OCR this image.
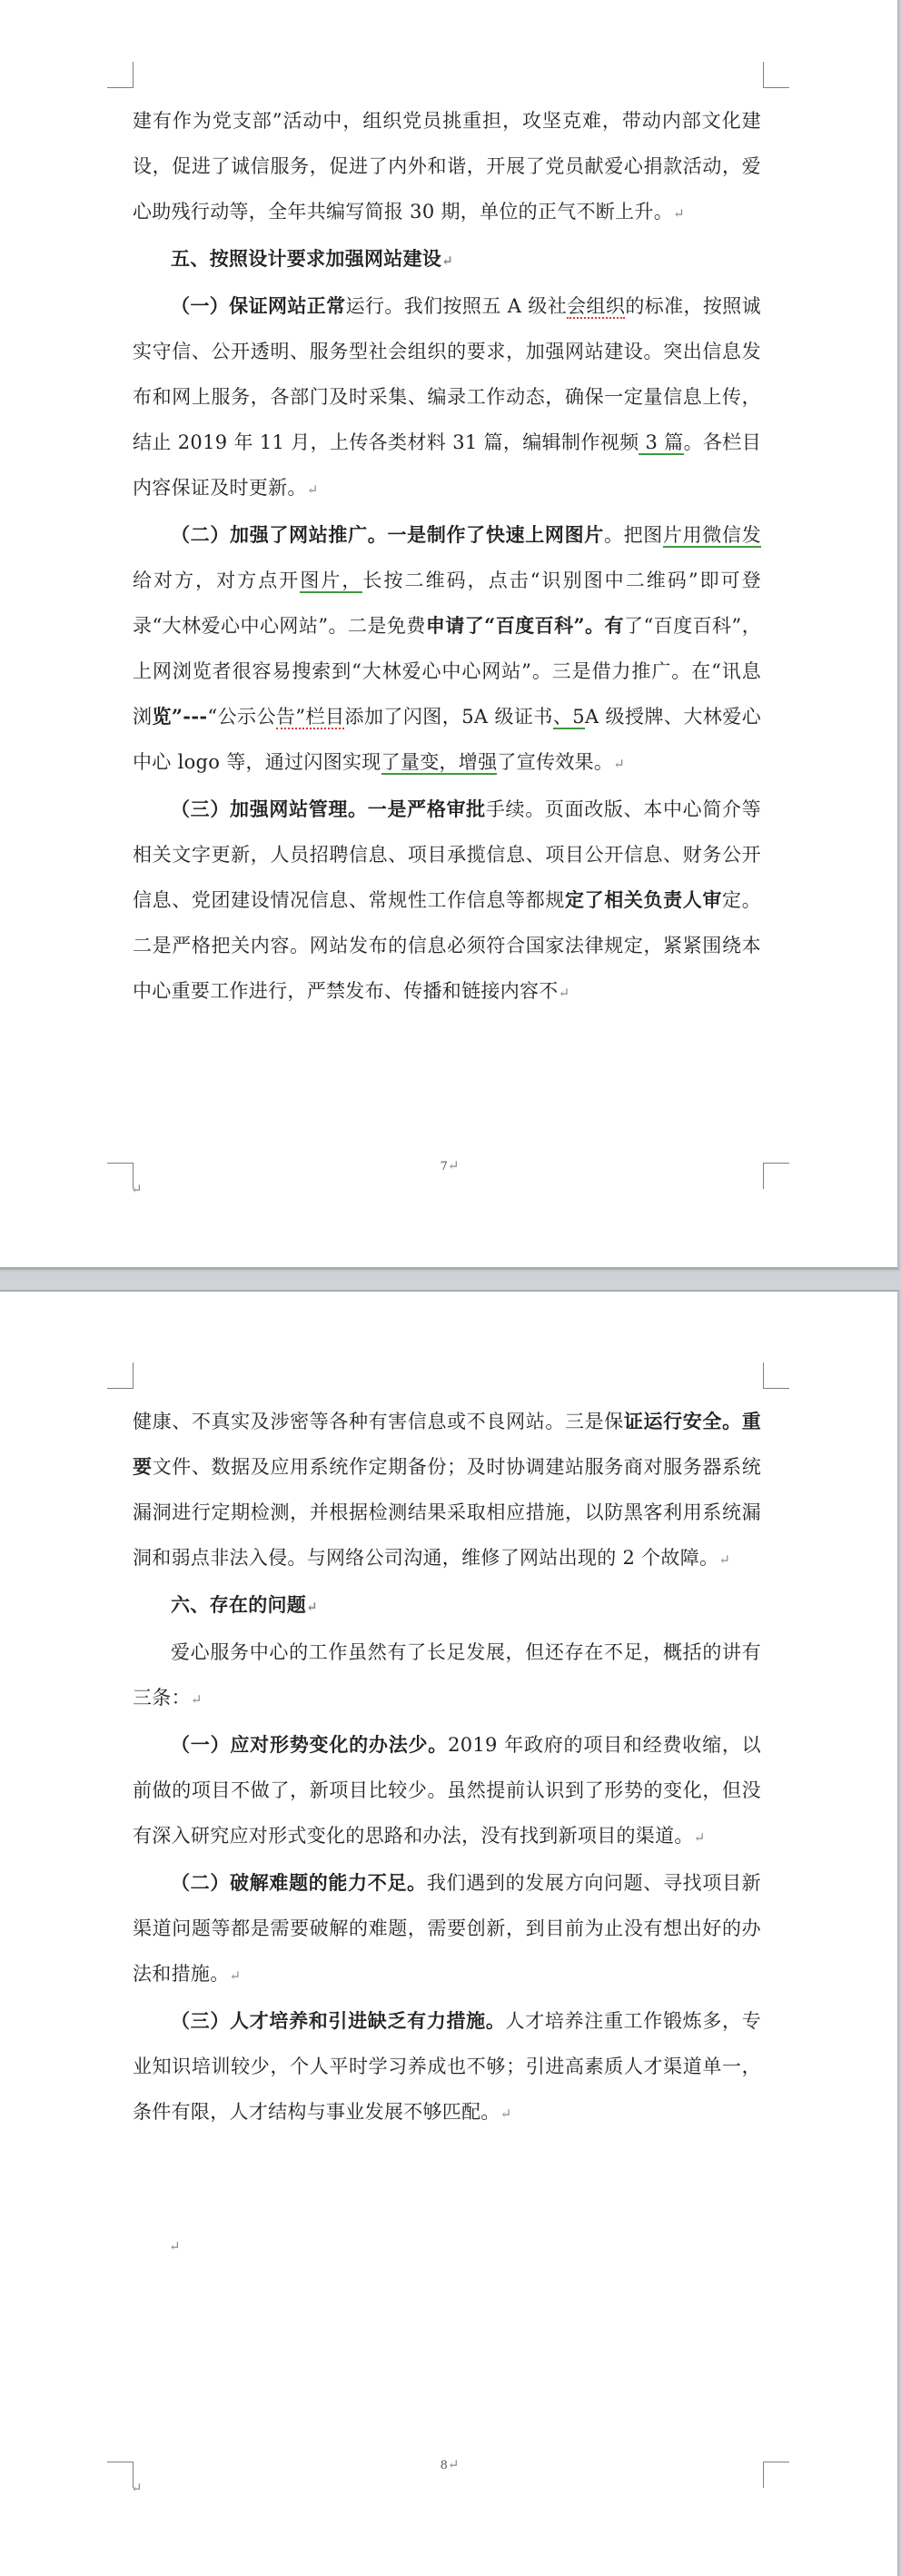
建有作为党支部”活动中，组织党员挑重担，攻坚克难，带动内部文化建设，促进了诚信服务，促进了内外和谐，开展了党员献爱心捐款活动，爱心助残行动等，全年共编写简报 30 期，单位的正气不断上升。↵

五、按照设计要求加强网站建设↵

（一）保证网站正常运行。我们按照五 A 级社会组织的标准，按照诚实守信、公开透明、服务型社会组织的要求，加强网站建设。突出信息发布和网上服务，各部门及时采集、编录工作动态，确保一定量信息上传，结止 2019 年 11 月，上传各类材料 31 篇，编辑制作视频 3 篇。各栏目内容保证及时更新。↵

（二）加强了网站推广。一是制作了快速上网图片。把图片用微信发给对方，对方点开图片，长按二维码，点击“识别图中二维码”即可登录“大林爱心中心网站”。二是免费申请了“百度百科”。有了“百度百科”，上网浏览者很容易搜索到“大林爱心中心网站”。三是借力推广。在“讯息浏览”---“公示公告”栏目添加了闪图，5A 级证书、5A 级授牌、大林爱心中心 logo 等，通过闪图实现了量变，增强了宣传效果。↵

（三）加强网站管理。一是严格审批手续。页面改版、本中心简介等相关文字更新，人员招聘信息、项目承揽信息、项目公开信息、财务公开信息、党团建设情况信息、常规性工作信息等都规定了相关负责人审定。二是严格把关内容。网站发布的信息必须符合国家法律规定，紧紧围绕本中心重要工作进行，严禁发布、传播和链接内容不↵

7↵
↵

健康、不真实及涉密等各种有害信息或不良网站。三是保证运行安全。重要文件、数据及应用系统作定期备份；及时协调建站服务商对服务器系统漏洞进行定期检测，并根据检测结果采取相应措施，以防黑客利用系统漏洞和弱点非法入侵。与网络公司沟通，维修了网站出现的 2 个故障。↵

六、存在的问题↵

爱心服务中心的工作虽然有了长足发展，但还存在不足，概括的讲有三条：↵

（一）应对形势变化的办法少。2019 年政府的项目和经费收缩，以前做的项目不做了，新项目比较少。虽然提前认识到了形势的变化，但没有深入研究应对形式变化的思路和办法，没有找到新项目的渠道。↵

（二）破解难题的能力不足。我们遇到的发展方向问题、寻找项目新渠道问题等都是需要破解的难题，需要创新，到目前为止没有想出好的办法和措施。↵

（三）人才培养和引进缺乏有力措施。人才培养注重工作锻炼多，专业知识培训较少，个人平时学习养成也不够；引进高素质人才渠道单一，条件有限，人才结构与事业发展不够匹配。↵

↵
8↵
↵
